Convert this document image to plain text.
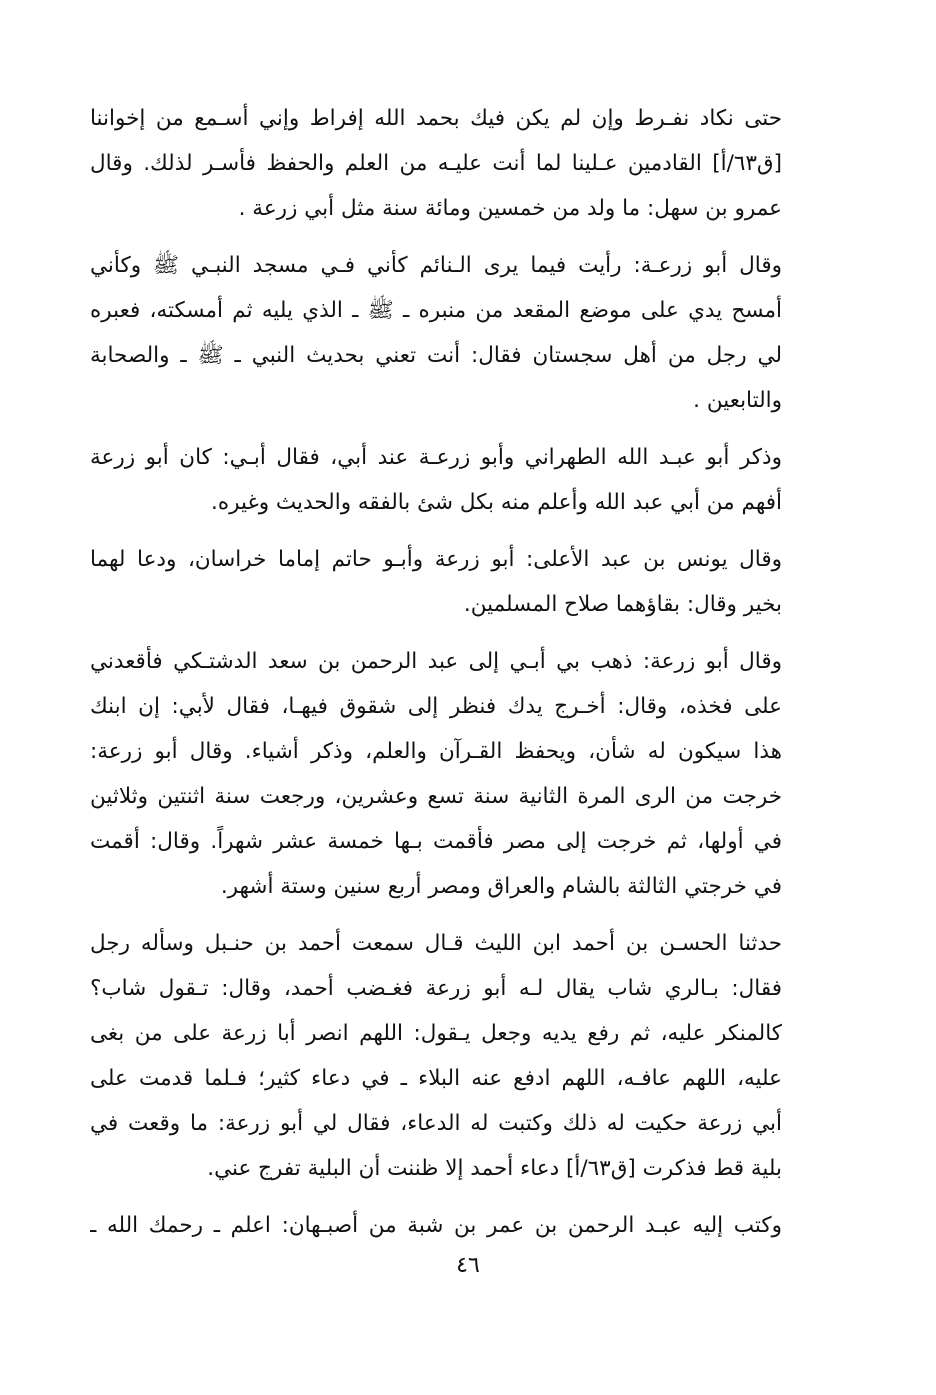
حتى نكاد نفـرط وإن لم يكن فيك بحمد الله إفراط وإني أسـمع من إخواننا
[ق٦٣/أ] القادمين عـلينا لما أنت عليـه من العلم والحفظ فأسـر لذلك. وقال
عمرو بن سهل: ما ولد من خمسين ومائة سنة مثل أبي زرعة .
وقال أبو زرعـة: رأيت فيما يرى الـنائم كأني فـي مسجد النبـي ﷺ وكأني
أمسح يدي على موضع المقعد من منبره ـ ﷺ ـ الذي يليه ثم أمسكته، فعبره
لي رجل من أهل سجستان فقال: أنت تعني بحديث النبي ـ ﷺ ـ والصحابة
والتابعين .
وذكر أبو عبـد الله الطهراني وأبو زرعـة عند أبي، فقال أبـي: كان أبو زرعة
أفهم من أبي عبد الله وأعلم منه بكل شئ بالفقه والحديث وغيره.
وقال يونس بن عبد الأعلى: أبو زرعة وأبـو حاتم إماما خراسان، ودعا لهما
بخير وقال: بقاؤهما صلاح المسلمين.
وقال أبو زرعة: ذهب بي أبـي إلى عبد الرحمن بن سعد الدشتـكي فأقعدني
على فخذه، وقال: أخـرج يدك فنظر إلى شقوق فيهـا، فقال لأبي: إن ابنك
هذا سيكون له شأن، ويحفظ القـرآن والعلم، وذكر أشياء. وقال أبو زرعة:
خرجت من الرى المرة الثانية سنة تسع وعشرين، ورجعت سنة اثنتين وثلاثين
في أولها، ثم خرجت إلى مصر فأقمت بـها خمسة عشر شهراً. وقال: أقمت
في خرجتي الثالثة بالشام والعراق ومصر أربع سنين وستة أشهر.
حدثنا الحسـن بن أحمد ابن الليث قـال سمعت أحمد بن حنـبل وسأله رجل
فقال: بـالري شاب يقال لـه أبو زرعة فغـضب أحمد، وقال: تـقول شاب؟
كالمنكر عليه، ثم رفع يديه وجعل يـقول: اللهم انصر أبا زرعة على من بغى
عليه، اللهم عافـه، اللهم ادفع عنه البلاء ـ في دعاء كثير؛ فـلما قدمت على
أبي زرعة حكيت له ذلك وكتبت له الدعاء، فقال لي أبو زرعة: ما وقعت في
بلية قط فذكرت [ق٦٣/أ] دعاء أحمد إلا ظننت أن البلية تفرج عني.
وكتب إليه عبـد الرحمن بن عمر بن شبة من أصبـهان: اعلم ـ رحمك الله ـ
٤٦
